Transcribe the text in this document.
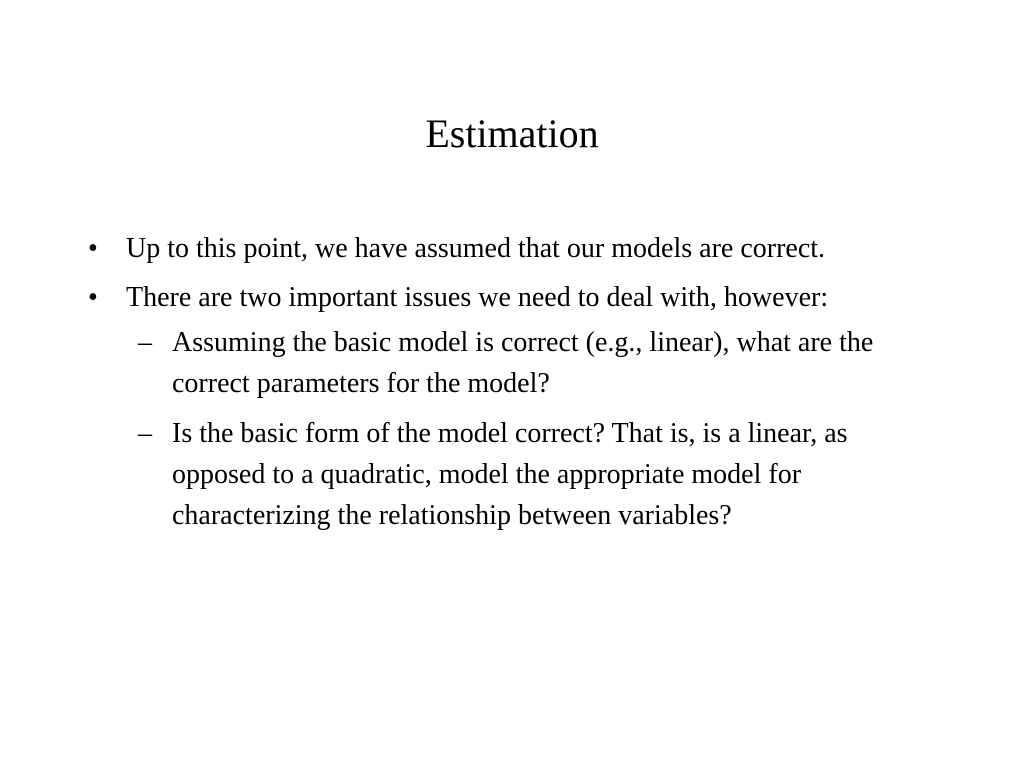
Estimation
• Up to this point, we have assumed that our models are correct.
• There are two important issues we need to deal with, however:
– Assuming the basic model is correct (e.g., linear), what are the correct parameters for the model?
– Is the basic form of the model correct? That is, is a linear, as opposed to a quadratic, model the appropriate model for characterizing the relationship between variables?
